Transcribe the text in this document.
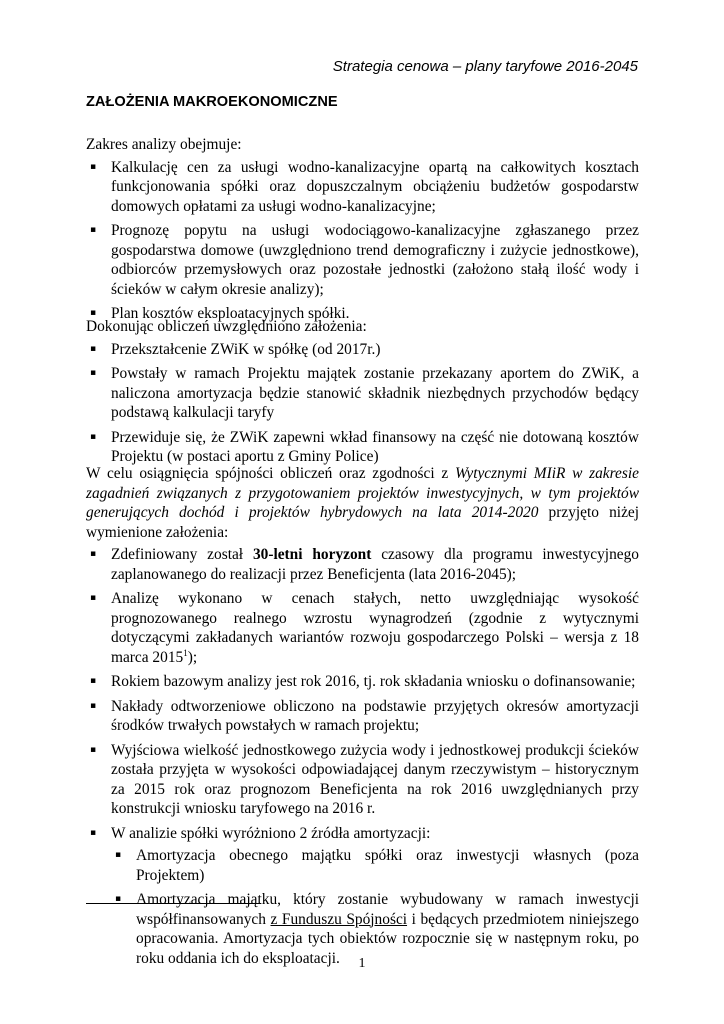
Strategia cenowa – plany taryfowe 2016-2045
ZAŁOŻENIA MAKROEKONOMICZNE

Zakres analizy obejmuje:

▪ Kalkulację cen za usługi wodno-kanalizacyjne opartą na całkowitych kosztach funkcjonowania spółki oraz dopuszczalnym obciążeniu budżetów gospodarstw domowych opłatami za usługi wodno-kanalizacyjne;
▪ Prognozę popytu na usługi wodociągowo-kanalizacyjne zgłaszanego przez gospodarstwa domowe (uwzględniono trend demograficzny i zużycie jednostkowe), odbiorców przemysłowych oraz pozostałe jednostki (założono stałą ilość wody i ścieków w całym okresie analizy);
▪ Plan kosztów eksploatacyjnych spółki.

Dokonując obliczeń uwzględniono założenia:

▪ Przekształcenie ZWiK w spółkę (od 2017r.)
▪ Powstały w ramach Projektu majątek zostanie przekazany aportem do ZWiK, a naliczona amortyzacja będzie stanowić składnik niezbędnych przychodów będący podstawą kalkulacji taryfy
▪ Przewiduje się, że ZWiK zapewni wkład finansowy na część nie dotowaną kosztów Projektu (w postaci aportu z Gminy Police)

W celu osiągnięcia spójności obliczeń oraz zgodności z Wytycznymi MIiR w zakresie zagadnień związanych z przygotowaniem projektów inwestycyjnych, w tym projektów generujących dochód i projektów hybrydowych na lata 2014-2020 przyjęto niżej wymienione założenia:

▪ Zdefiniowany został 30-letni horyzont czasowy dla programu inwestycyjnego zaplanowanego do realizacji przez Beneficjenta (lata 2016-2045);
▪ Analizę wykonano w cenach stałych, netto uwzględniając wysokość prognozowanego realnego wzrostu wynagrodzeń (zgodnie z wytycznymi dotyczącymi zakładanych wariantów rozwoju gospodarczego Polski – wersja z 18 marca 2015$^1$);
▪ Rokiem bazowym analizy jest rok 2016, tj. rok składania wniosku o dofinansowanie;
▪ Nakłady odtworzeniowe obliczono na podstawie przyjętych okresów amortyzacji środków trwałych powstałych w ramach projektu;
▪ Wyjściowa wielkość jednostkowego zużycia wody i jednostkowej produkcji ścieków została przyjęta w wysokości odpowiadającej danym rzeczywistym – historycznym za 2015 rok oraz prognozom Beneficjenta na rok 2016 uwzględnianych przy konstrukcji wniosku taryfowego na 2016 r.
▪ W analizie spółki wyróżniono 2 źródła amortyzacji:
▪ Amortyzacja obecnego majątku spółki oraz inwestycji własnych (poza Projektem)
▪ Amortyzacja majątku, który zostanie wybudowany w ramach inwestycji współfinansowanych z Funduszu Spójności i będących przedmiotem niniejszego opracowania. Amortyzacja tych obiektów rozpocznie się w następnym roku, po roku oddania ich do eksploatacji.	1
